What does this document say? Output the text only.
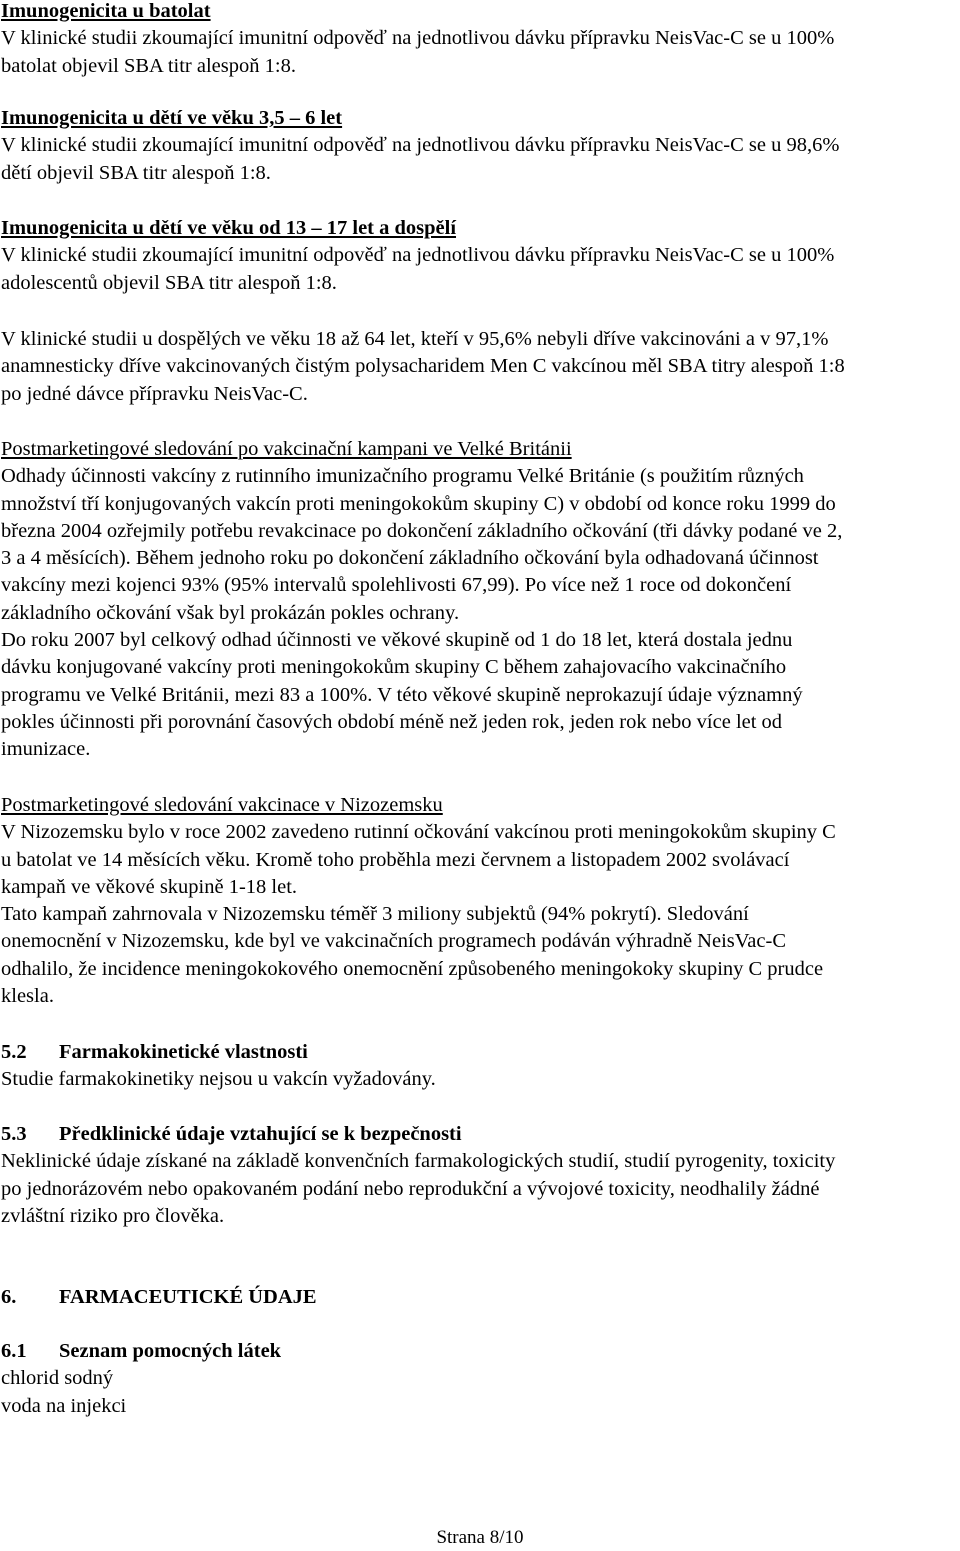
Imunogenicita u batolat

V klinické studii zkoumající imunitní odpověď na jednotlivou dávku přípravku NeisVac-C se u 100%

batolat objevil SBA titr alespoň 1:8.

Imunogenicita u dětí ve věku 3,5 – 6 let

V klinické studii zkoumající imunitní odpověď na jednotlivou dávku přípravku NeisVac-C se u 98,6%

dětí objevil SBA titr alespoň 1:8.

Imunogenicita u dětí ve věku od 13 – 17 let a dospělí

V klinické studii zkoumající imunitní odpověď na jednotlivou dávku přípravku NeisVac-C se u 100%

adolescentů objevil SBA titr alespoň 1:8.

V klinické studii u dospělých ve věku 18 až 64 let, kteří v 95,6% nebyli dříve vakcinováni a v 97,1%

anamnesticky dříve vakcinovaných čistým polysacharidem Men C vakcínou měl SBA titry alespoň 1:8

po jedné dávce přípravku NeisVac-C.

Postmarketingové sledování po vakcinační kampani ve Velké Británii

Odhady účinnosti vakcíny z rutinního imunizačního programu Velké Británie (s použitím různých

množství tří konjugovaných vakcín proti meningokokům skupiny C) v období od konce roku 1999 do

března 2004 ozřejmily potřebu revakcinace po dokončení základního očkování (tři dávky podané ve 2,

3 a 4 měsících). Během jednoho roku po dokončení základního očkování byla odhadovaná účinnost

vakcíny mezi kojenci 93% (95% intervalů spolehlivosti 67,99). Po více než 1 roce od dokončení

základního očkování však byl prokázán pokles ochrany.

Do roku 2007 byl celkový odhad účinnosti ve věkové skupině od 1 do 18 let, která dostala jednu

dávku konjugované vakcíny proti meningokokům skupiny C během zahajovacího vakcinačního

programu ve Velké Británii, mezi 83 a 100%. V této věkové skupině neprokazují údaje významný

pokles účinnosti při porovnání časových období méně než jeden rok, jeden rok nebo více let od

imunizace.

Postmarketingové sledování vakcinace v Nizozemsku

V Nizozemsku bylo v roce 2002 zavedeno rutinní očkování vakcínou proti meningokokům skupiny C

u batolat ve 14 měsících věku. Kromě toho proběhla mezi červnem a listopadem 2002 svolávací

kampaň ve věkové skupině 1-18 let.

Tato kampaň zahrnovala v Nizozemsku téměř 3 miliony subjektů (94% pokrytí). Sledování

onemocnění v Nizozemsku, kde byl ve vakcinačních programech podáván výhradně NeisVac-C

odhalilo, že incidence meningokokového onemocnění způsobeného meningokoky skupiny C prudce

klesla.

5.2 Farmakokinetické vlastnosti

Studie farmakokinetiky nejsou u vakcín vyžadovány.

5.3 Předklinické údaje vztahující se k bezpečnosti

Neklinické údaje získané na základě konvenčních farmakologických studií, studií pyrogenity, toxicity

po jednorázovém nebo opakovaném podání nebo reprodukční a vývojové toxicity, neodhalily žádné

zvláštní riziko pro člověka.

6. FARMACEUTICKÉ ÚDAJE

6.1 Seznam pomocných látek

chlorid sodný

voda na injekci

Strana 8/10
